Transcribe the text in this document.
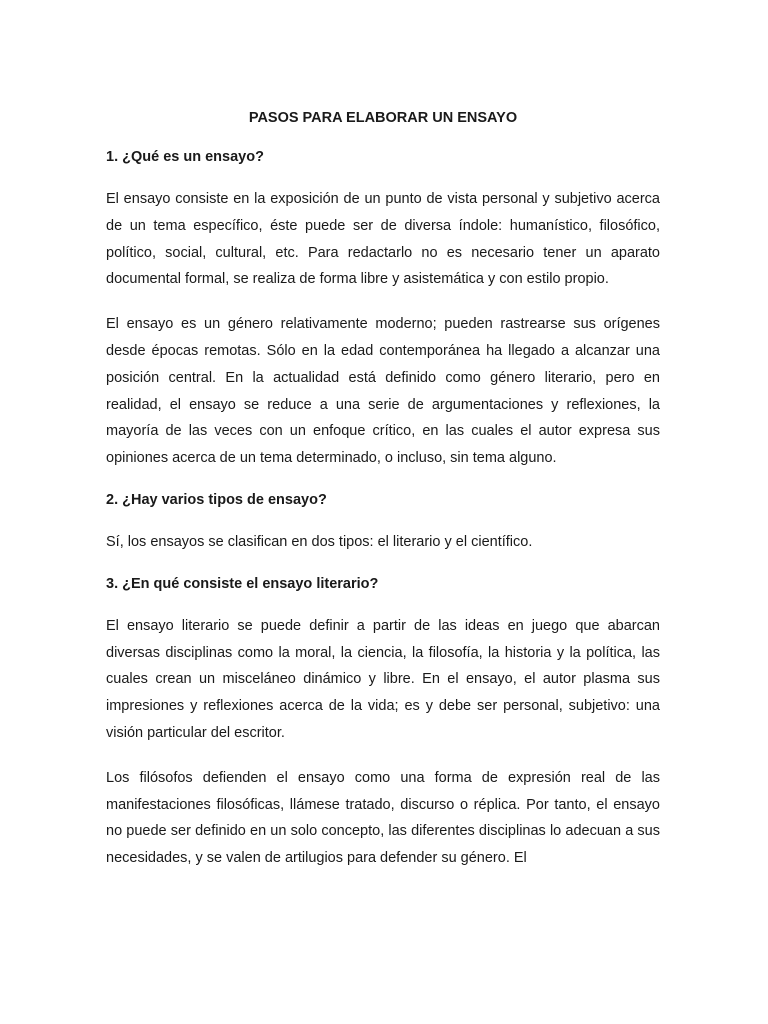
PASOS PARA ELABORAR UN ENSAYO
1. ¿Qué es un ensayo?

El ensayo consiste en la exposición de un punto de vista personal y subjetivo acerca de un tema específico, éste puede ser de diversa índole: humanístico, filosófico, político, social, cultural, etc. Para redactarlo no es necesario tener un aparato documental formal, se realiza de forma libre y asistemática y con estilo propio.

El ensayo es un género relativamente moderno; pueden rastrearse sus orígenes desde épocas remotas. Sólo en la edad contemporánea ha llegado a alcanzar una posición central. En la actualidad está definido como género literario, pero en realidad, el ensayo se reduce a una serie de argumentaciones y reflexiones, la mayoría de las veces con un enfoque crítico, en las cuales el autor expresa sus opiniones acerca de un tema determinado, o incluso, sin tema alguno.

2. ¿Hay varios tipos de ensayo?

Sí, los ensayos se clasifican en dos tipos: el literario y el científico.

3. ¿En qué consiste el ensayo literario?

El ensayo literario se puede definir a partir de las ideas en juego que abarcan diversas disciplinas como la moral, la ciencia, la filosofía, la historia y la política, las cuales crean un misceláneo dinámico y libre. En el ensayo, el autor plasma sus impresiones y reflexiones acerca de la vida; es y debe ser personal, subjetivo: una visión particular del escritor.

Los filósofos defienden el ensayo como una forma de expresión real de las manifestaciones filosóficas, llámese tratado, discurso o réplica. Por tanto, el ensayo no puede ser definido en un solo concepto, las diferentes disciplinas lo adecuan a sus necesidades, y se valen de artilugios para defender su género. El
